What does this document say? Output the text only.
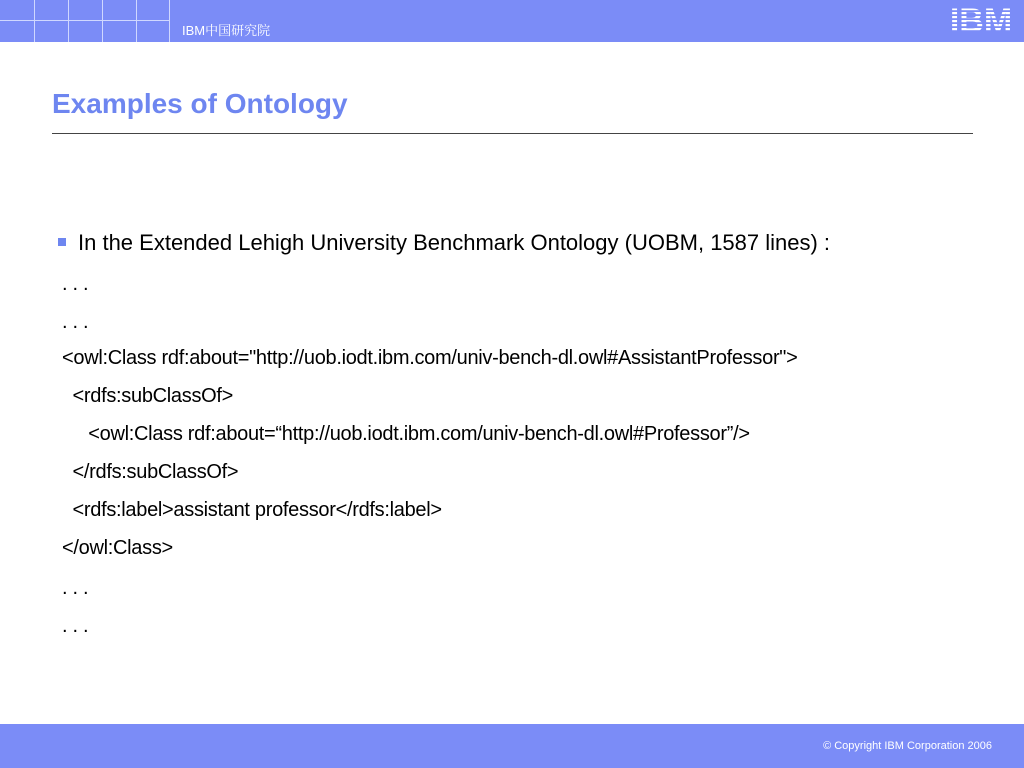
IBM中国研究院	IBM
Examples of Ontology
In the Extended Lehigh University Benchmark Ontology (UOBM, 1587 lines) :
. . .
. . .
<owl:Class rdf:about="http://uob.iodt.ibm.com/univ-bench-dl.owl#AssistantProfessor">
<rdfs:subClassOf>
<owl:Class rdf:about=“http://uob.iodt.ibm.com/univ-bench-dl.owl#Professor”/>
</rdfs:subClassOf>
<rdfs:label>assistant professor</rdfs:label>
</owl:Class>
. . .
. . .
© Copyright IBM Corporation 2006
